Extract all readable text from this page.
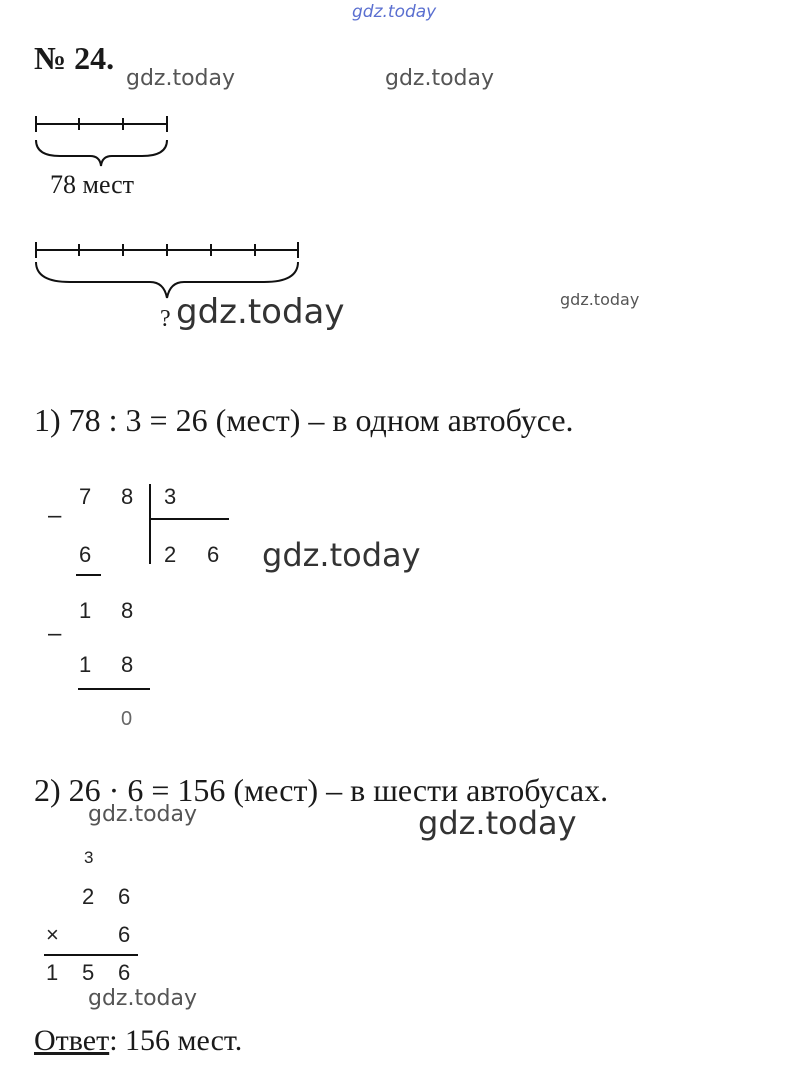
gdz.today
gdz.today	gdz.today
gdz.today	gdz.today
gdz.today
gdz.today	gdz.today
gdz.today
№ 24.
78 мест
?
1) 78 : 3 = 26 (мест) – в одном автобусе.
–
7 8 3
2 6
6
–
1 8
1 8
0
2) 26 · 6 = 156 (мест) – в шести автобусах.
3
2 6
×	6
1 5 6
Ответ: 156 мест.
